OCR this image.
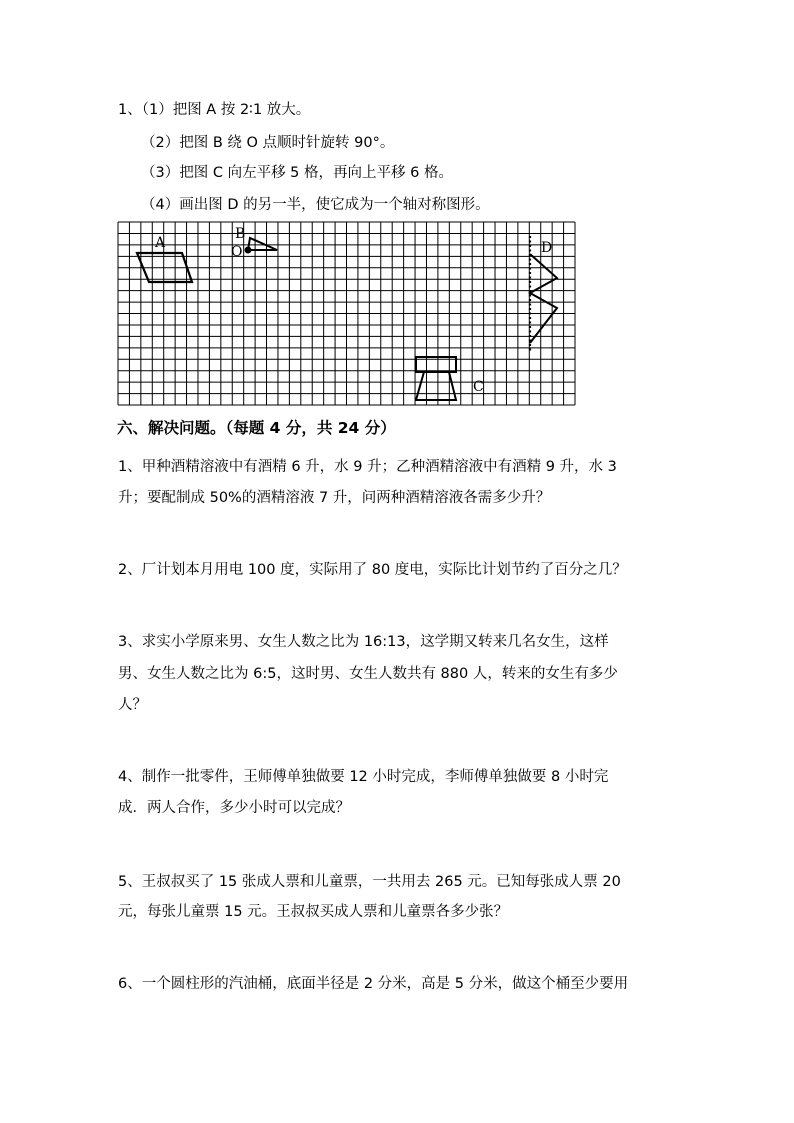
1、（1）把图 A 按 2∶1 放大。
（2）把图 B 绕 O 点顺时针旋转 90°。
（3）把图 C 向左平移 5 格，再向上平移 6 格。
（4）画出图 D 的另一半，使它成为一个轴对称图形。
A
B
O
C
D
六、解决问题。（每题 4 分，共 24 分）
1、甲种酒精溶液中有酒精 6 升，水 9 升；乙种酒精溶液中有酒精 9 升，水 3
升；要配制成 50%的酒精溶液 7 升，问两种酒精溶液各需多少升？
2、厂计划本月用电 100 度，实际用了 80 度电，实际比计划节约了百分之几？
3、求实小学原来男、女生人数之比为 16:13，这学期又转来几名女生，这样
男、女生人数之比为 6:5，这时男、女生人数共有 880 人，转来的女生有多少
人？
4、制作一批零件，王师傅单独做要 12 小时完成，李师傅单独做要 8 小时完
成．两人合作，多少小时可以完成？
5、王叔叔买了 15 张成人票和儿童票，一共用去 265 元。已知每张成人票 20
元，每张儿童票 15 元。王叔叔买成人票和儿童票各多少张？
6、一个圆柱形的汽油桶，底面半径是 2 分米，高是 5 分米，做这个桶至少要用
